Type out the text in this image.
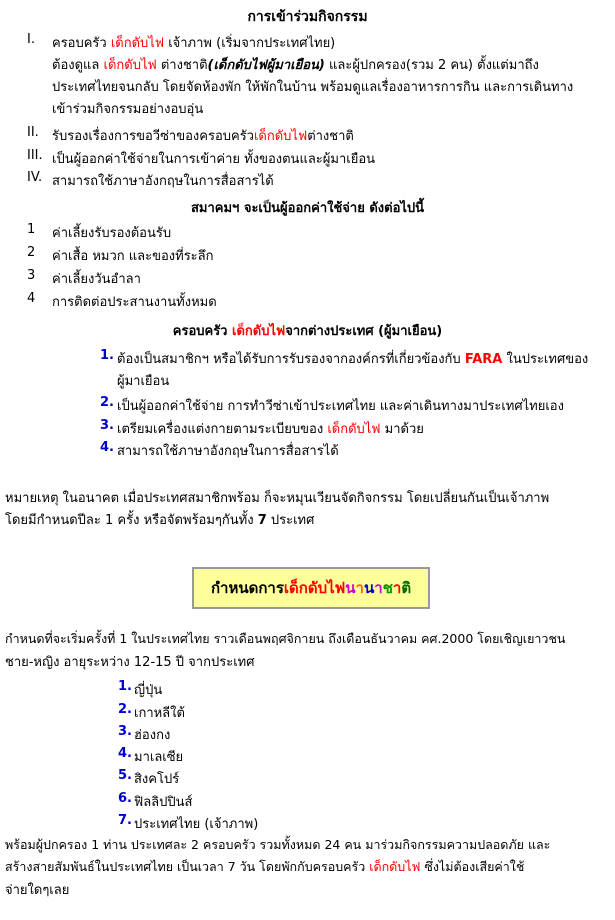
การเข้าร่วมกิจกรรม
I. ครอบครัว เด็กดับไฟ เจ้าภาพ (เริ่มจากประเทศไทย)
ต้องดูแล เด็กดับไฟ ต่างชาติ(เด็กดับไฟผู้มาเยือน) และผู้ปกครอง(รวม 2 คน) ตั้งแต่มาถึง
ประเทศไทยจนกลับ โดยจัดห้องพัก ให้พักในบ้าน พร้อมดูแลเรื่องอาหารการกิน และการเดินทาง
เข้าร่วมกิจกรรมอย่างอบอุ่น
II. รับรองเรื่องการขอวีซ่าของครอบครัวเด็กดับไฟต่างชาติ
III. เป็นผู้ออกค่าใช้จ่ายในการเข้าค่าย ทั้งของตนและผู้มาเยือน
IV. สามารถใช้ภาษาอังกฤษในการสื่อสารได้
สมาคมฯ จะเป็นผู้ออกค่าใช้จ่าย ดังต่อไปนี้
1 ค่าเลี้ยงรับรองต้อนรับ
2 ค่าเสื้อ หมวก และของที่ระลึก
3 ค่าเลี้ยงวันอำลา
4 การติดต่อประสานงานทั้งหมด
ครอบครัว เด็กดับไฟจากต่างประเทศ (ผู้มาเยือน)
1. ต้องเป็นสมาชิกฯ หรือได้รับการรับรองจากองค์กรที่เกี่ยวข้องกับ FARA ในประเทศของ
ผู้มาเยือน
2. เป็นผู้ออกค่าใช้จ่าย การทำวีซ่าเข้าประเทศไทย และค่าเดินทางมาประเทศไทยเอง
3. เตรียมเครื่องแต่งกายตามระเบียบของ เด็กดับไฟ มาด้วย
4. สามารถใช้ภาษาอังกฤษในการสื่อสารได้
หมายเหตุ ในอนาคต เมื่อประเทศสมาชิกพร้อม ก็จะหมุนเวียนจัดกิจกรรม โดยเปลี่ยนกันเป็นเจ้าภาพ
โดยมีกำหนดปีละ 1 ครั้ง หรือจัดพร้อมๆกันทั้ง 7 ประเทศ
กำหนดการ เด็กดับไฟ น า น า ช า ติ
กำหนดที่จะเริ่มครั้งที่ 1 ในประเทศไทย ราวเดือนพฤศจิกายน ถึงเดือนธันวาคม คศ.2000 โดยเชิญเยาวชน
ชาย-หญิง อายุระหว่าง 12-15 ปี จากประเทศ
1. ญี่ปุ่น
2. เกาหลีใต้
3. ฮ่องกง
4. มาเลเซีย
5. สิงคโปร์
6. ฟิลลิปปินส์
7. ประเทศไทย (เจ้าภาพ)
พร้อมผู้ปกครอง 1 ท่าน ประเทศละ 2 ครอบครัว รวมทั้งหมด 24 คน มาร่วมกิจกรรมความปลอดภัย และ
สร้างสายสัมพันธ์ในประเทศไทย เป็นเวลา 7 วัน โดยพักกับครอบครัว เด็กดับไฟ ซึ่งไม่ต้องเสียค่าใช้
จ่ายใดๆเลย
